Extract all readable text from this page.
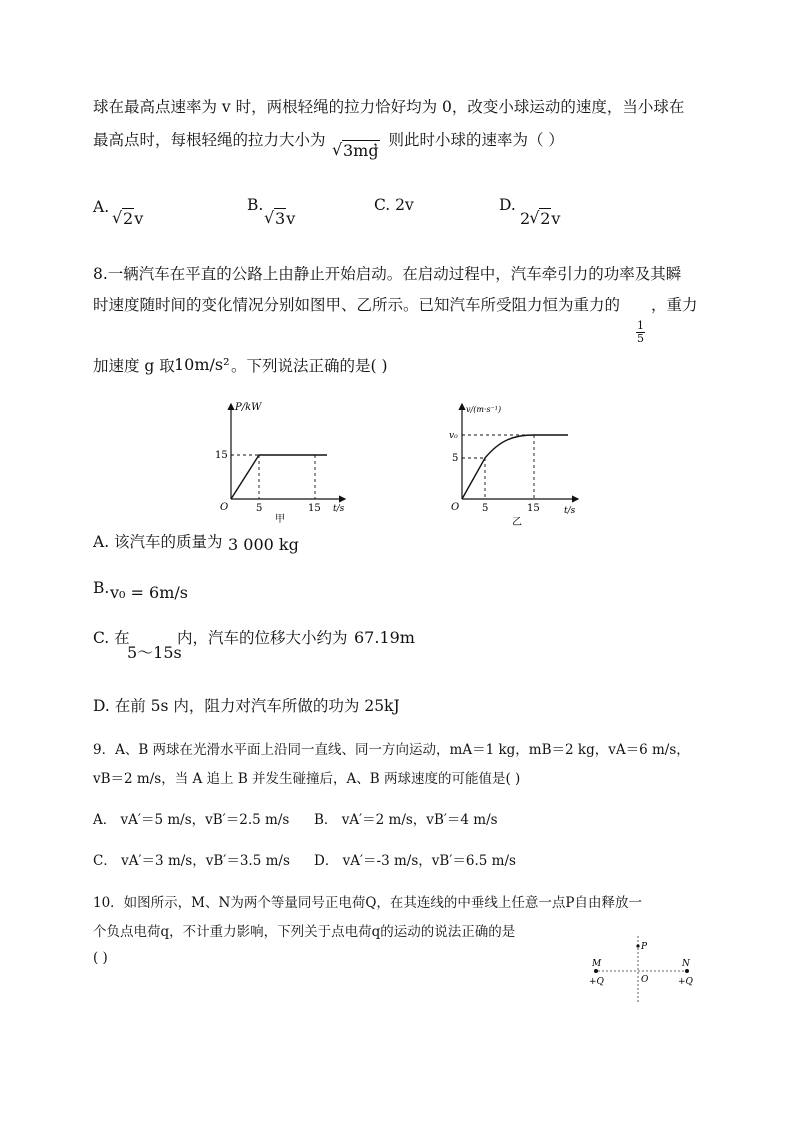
球在最高点速率为 v 时，两根轻绳的拉力恰好均为 0，改变小球运动的速度，当小球在
最高点时，每根轻绳的拉力大小为
√ 3mg
，则此时小球的速率为（ ）
A.
√ 2v
B.
√ 3v
C. 2v	D.
2√ 2v
8.一辆汽车在平直的公路上由静止开始启动。在启动过程中，汽车牵引力的功率及其瞬
时速度随时间的变化情况分别如图甲、乙所示。已知汽车所受阻力恒为重力的
$\frac{1}{5}$
，重力
加速度 g 取 10m/s² 。下列说法正确的是( )
P/kW
15
5	15 t/s
O
甲
v/(m·s⁻¹)
v₀
5
5	15	t/s
O
乙
A. 该汽车的质量为 3 000 kg
B. v₀ = 6m/s
C. 在
5～15s
内，汽车的位移大小约为 67.19m
D. 在前 5s 内，阻力对汽车所做的功为 25kJ
9．A、B 两球在光滑水平面上沿同一直线、同一方向运动，mA＝1 kg，mB＝2 kg，vA＝6 m/s，
vB＝2 m/s，当 A 追上 B 并发生碰撞后，A、B 两球速度的可能值是( )
A． vA′＝5 m/s，vB′＝2.5 m/s B． vA′＝2 m/s，vB′＝4 m/s
C． vA′＝3 m/s，vB′＝3.5 m/s D． vA′＝-3 m/s，vB′＝6.5 m/s
10．如图所示，M、N为两个等量同号正电荷Q，在其连线的中垂线上任意一点P自由释放一
个负点电荷q，不计重力影响，下列关于点电荷q的运动的说法正确的是
( )
P
M	N
O
+Q	+Q
